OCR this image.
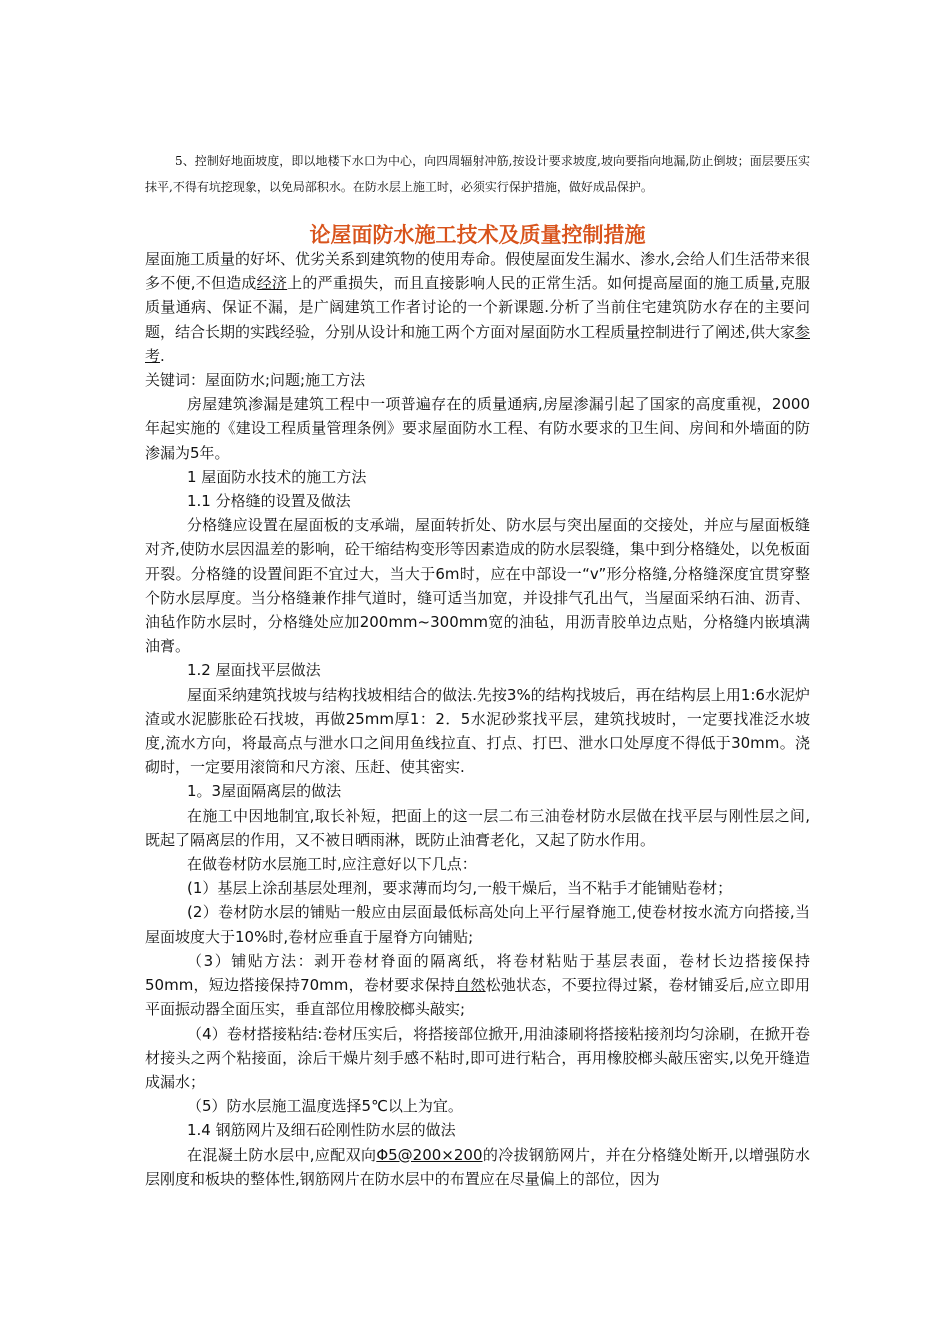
5、控制好地面坡度，即以地楼下水口为中心，向四周辐射冲筋,按设计要求坡度,坡向要指向地漏,防止倒坡；面层要压实抹平,不得有坑挖现象，以免局部积水。在防水层上施工时，必须实行保护措施，做好成品保护。
论屋面防水施工技术及质量控制措施

屋面施工质量的好坏、优劣关系到建筑物的使用寿命。假使屋面发生漏水、渗水,会给人们生活带来很多不便,不但造成经济上的严重损失，而且直接影响人民的正常生活。如何提高屋面的施工质量,克服质量通病、保证不漏，是广阔建筑工作者讨论的一个新课题.分析了当前住宅建筑防水存在的主要问题，结合长期的实践经验，分别从设计和施工两个方面对屋面防水工程质量控制进行了阐述,供大家参考.

关键词：屋面防水;问题;施工方法

房屋建筑渗漏是建筑工程中一项普遍存在的质量通病,房屋渗漏引起了国家的高度重视，2000年起实施的《建设工程质量管理条例》要求屋面防水工程、有防水要求的卫生间、房间和外墙面的防渗漏为5年。

1 屋面防水技术的施工方法

1.1 分格缝的设置及做法

分格缝应设置在屋面板的支承端，屋面转折处、防水层与突出屋面的交接处，并应与屋面板缝对齐,使防水层因温差的影响，砼干缩结构变形等因素造成的防水层裂缝，集中到分格缝处，以免板面开裂。分格缝的设置间距不宜过大，当大于6m时，应在中部设一“v”形分格缝,分格缝深度宜贯穿整个防水层厚度。当分格缝兼作排气道时，缝可适当加宽，并设排气孔出气，当屋面采纳石油、沥青、油毡作防水层时，分格缝处应加200mm~300mm宽的油毡，用沥青胶单边点贴，分格缝内嵌填满油膏。

1.2 屋面找平层做法

屋面采纳建筑找坡与结构找坡相结合的做法.先按3%的结构找坡后，再在结构层上用1:6水泥炉渣或水泥膨胀砼石找坡，再做25mm厚1：2．5水泥砂浆找平层，建筑找坡时，一定要找准泛水坡度,流水方向，将最高点与泄水口之间用鱼线拉直、打点、打巴、泄水口处厚度不得低于30mm。浇砌时，一定要用滚筒和尺方滚、压赶、使其密实.

1。3屋面隔离层的做法

在施工中因地制宜,取长补短，把面上的这一层二布三油卷材防水层做在找平层与刚性层之间,既起了隔离层的作用，又不被日晒雨淋，既防止油膏老化，又起了防水作用。

在做卷材防水层施工时,应注意好以下几点：

(1）基层上涂刮基层处理剂，要求薄而均匀,一般干燥后，当不粘手才能铺贴卷材；

(2）卷材防水层的铺贴一般应由层面最低标高处向上平行屋脊施工,使卷材按水流方向搭接,当屋面坡度大于10%时,卷材应垂直于屋脊方向铺贴;

（3）铺贴方法：剥开卷材脊面的隔离纸，将卷材粘贴于基层表面，卷材长边搭接保持50mm，短边搭接保持70mm，卷材要求保持自然松弛状态，不要拉得过紧，卷材铺妥后,应立即用平面振动器全面压实，垂直部位用橡胶榔头敲实;

（4）卷材搭接粘结:卷材压实后，将搭接部位掀开,用油漆刷将搭接粘接剂均匀涂刷，在掀开卷材接头之两个粘接面，涂后干燥片刻手感不粘时,即可进行粘合，再用橡胶榔头敲压密实,以免开缝造成漏水；

（5）防水层施工温度选择5℃以上为宜。

1.4 钢筋网片及细石砼刚性防水层的做法

在混凝土防水层中,应配双向Φ5@200×200的冷拔钢筋网片，并在分格缝处断开,以增强防水层刚度和板块的整体性,钢筋网片在防水层中的布置应在尽量偏上的部位，因为
